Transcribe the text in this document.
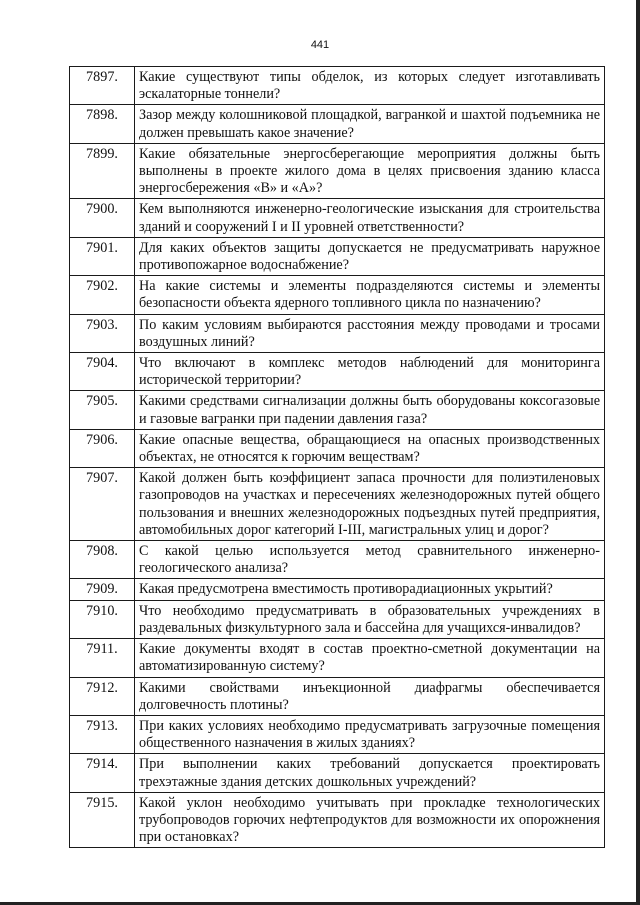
441
7897.	Какие существуют типы обделок, из которых следует изготавливать эскалаторные тоннели?
7898.	Зазор между колошниковой площадкой, вагранкой и шахтой подъемника не должен превышать какое значение?
7899.	Какие обязательные энергосберегающие мероприятия должны быть выполнены в проекте жилого дома в целях присвоения зданию класса энергосбережения «В» и «А»?
7900.	Кем выполняются инженерно-геологические изыскания для строительства зданий и сооружений I и II уровней ответственности?
7901.	Для каких объектов защиты допускается не предусматривать наружное противопожарное водоснабжение?
7902.	На какие системы и элементы подразделяются системы и элементы безопасности объекта ядерного топливного цикла по назначению?
7903.	По каким условиям выбираются расстояния между проводами и тросами воздушных линий?
7904.	Что включают в комплекс методов наблюдений для мониторинга исторической территории?
7905.	Какими средствами сигнализации должны быть оборудованы коксогазовые и газовые вагранки при падении давления газа?
7906.	Какие опасные вещества, обращающиеся на опасных производственных объектах, не относятся к горючим веществам?
7907.	Какой должен быть коэффициент запаса прочности для полиэтиленовых газопроводов на участках и пересечениях железнодорожных путей общего пользования и внешних железнодорожных подъездных путей предприятия, автомобильных дорог категорий I-III, магистральных улиц и дорог?
7908.	С какой целью используется метод сравнительного инженерно-геологического анализа?
7909.	Какая предусмотрена вместимость противорадиационных укрытий?
7910.	Что необходимо предусматривать в образовательных учреждениях в раздевальных физкультурного зала и бассейна для учащихся-инвалидов?
7911.	Какие документы входят в состав проектно-сметной документации на автоматизированную систему?
7912.	Какими свойствами инъекционной диафрагмы обеспечивается долговечность плотины?
7913.	При каких условиях необходимо предусматривать загрузочные помещения общественного назначения в жилых зданиях?
7914.	При выполнении каких требований допускается проектировать трехэтажные здания детских дошкольных учреждений?
7915.	Какой уклон необходимо учитывать при прокладке технологических трубопроводов горючих нефтепродуктов для возможности их опорожнения при остановках?
